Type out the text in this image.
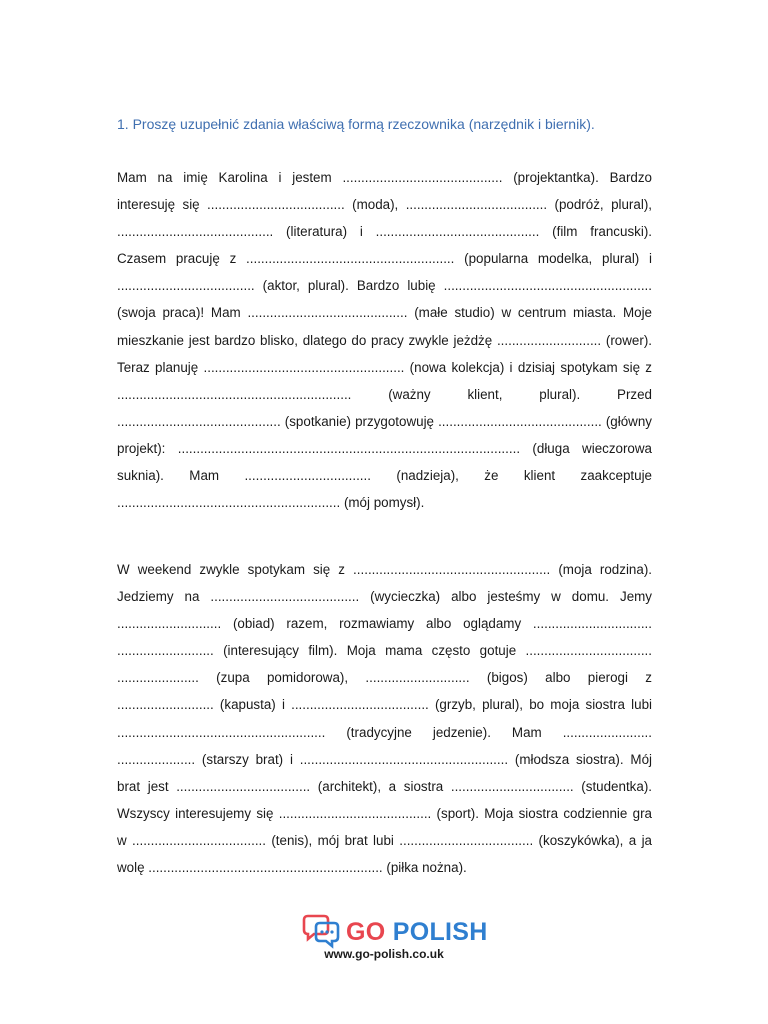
1. Proszę uzupełnić zdania właściwą formą rzeczownika (narzędnik i biernik).

Mam na imię Karolina i jestem ........................................... (projektantka). Bardzo interesuję się ..................................... (moda), ...................................... (podróż, plural), .......................................... (literatura) i ............................................ (film francuski). Czasem pracuję z ........................................................ (popularna modelka, plural) i ..................................... (aktor, plural). Bardzo lubię ........................................................ (swoja praca)! Mam ........................................... (małe studio) w centrum miasta. Moje mieszkanie jest bardzo blisko, dlatego do pracy zwykle jeżdżę ............................ (rower). Teraz planuję ...................................................... (nowa kolekcja) i dzisiaj spotykam się z ............................................................... (ważny klient, plural). Przed ............................................ (spotkanie) przygotowuję ............................................ (główny projekt): ............................................................................................ (długa wieczorowa suknia). Mam .................................. (nadzieja), że klient zaakceptuje ............................................................ (mój pomysł).

W weekend zwykle spotykam się z ..................................................... (moja rodzina). Jedziemy na ........................................ (wycieczka) albo jesteśmy w domu. Jemy ............................ (obiad) razem, rozmawiamy albo oglądamy ................................ .......................... (interesujący film). Moja mama często gotuje .................................. ...................... (zupa pomidorowa), ............................ (bigos) albo pierogi z .......................... (kapusta) i ..................................... (grzyb, plural), bo moja siostra lubi ........................................................ (tradycyjne jedzenie). Mam ........................ ..................... (starszy brat) i ........................................................ (młodsza siostra). Mój brat jest .................................... (architekt), a siostra ................................. (studentka). Wszyscy interesujemy się ......................................... (sport). Moja siostra codziennie gra w .................................... (tenis), mój brat lubi .................................... (koszykówka), a ja wolę ............................................................... (piłka nożna).

GO POLISH
www.go-polish.co.uk
